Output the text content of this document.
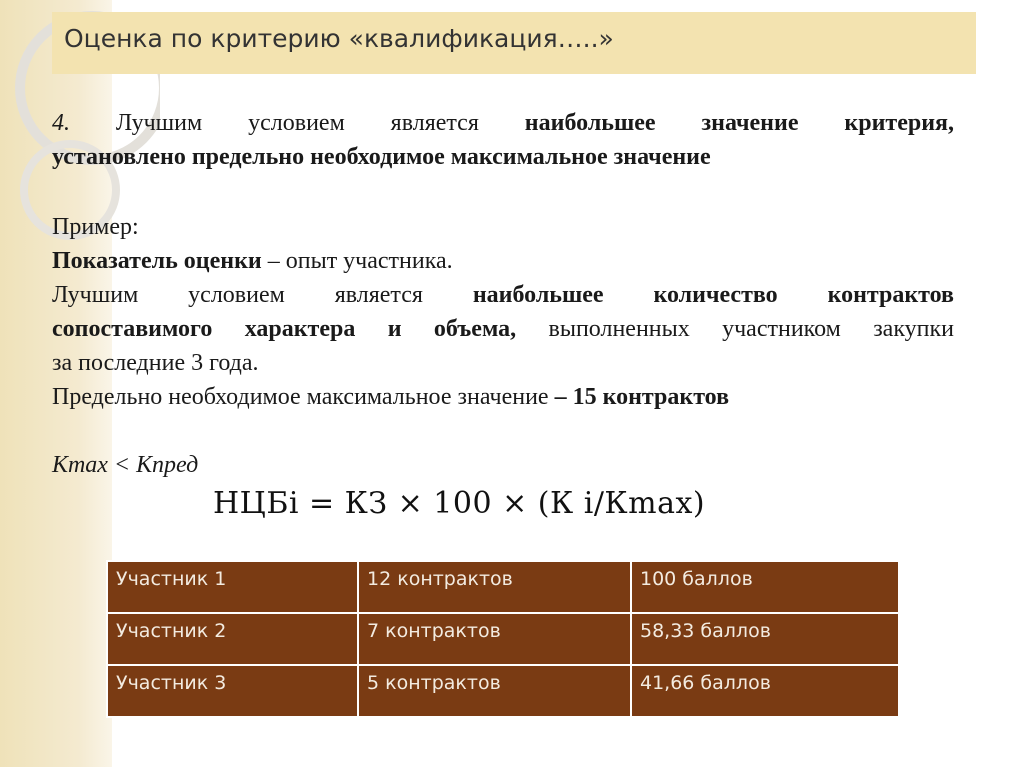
Оценка по критерию «квалификация…..»
4. Лучшим условием является наибольшее значение критерия,
установлено предельно необходимое максимальное значение
Пример:
Показатель оценки – опыт участника.
Лучшим условием является наибольшее количество контрактов
сопоставимого характера и объема, выполненных участником закупки
за последние 3 года.
Предельно необходимое максимальное значение – 15 контрактов
Кmax < Кпред
НЦБi = КЗ × 100 × (К i/Кmax)
Участник 1	12 контрактов	100 баллов
Участник 2	7 контрактов	58,33 баллов
Участник 3	5 контрактов	41,66 баллов
